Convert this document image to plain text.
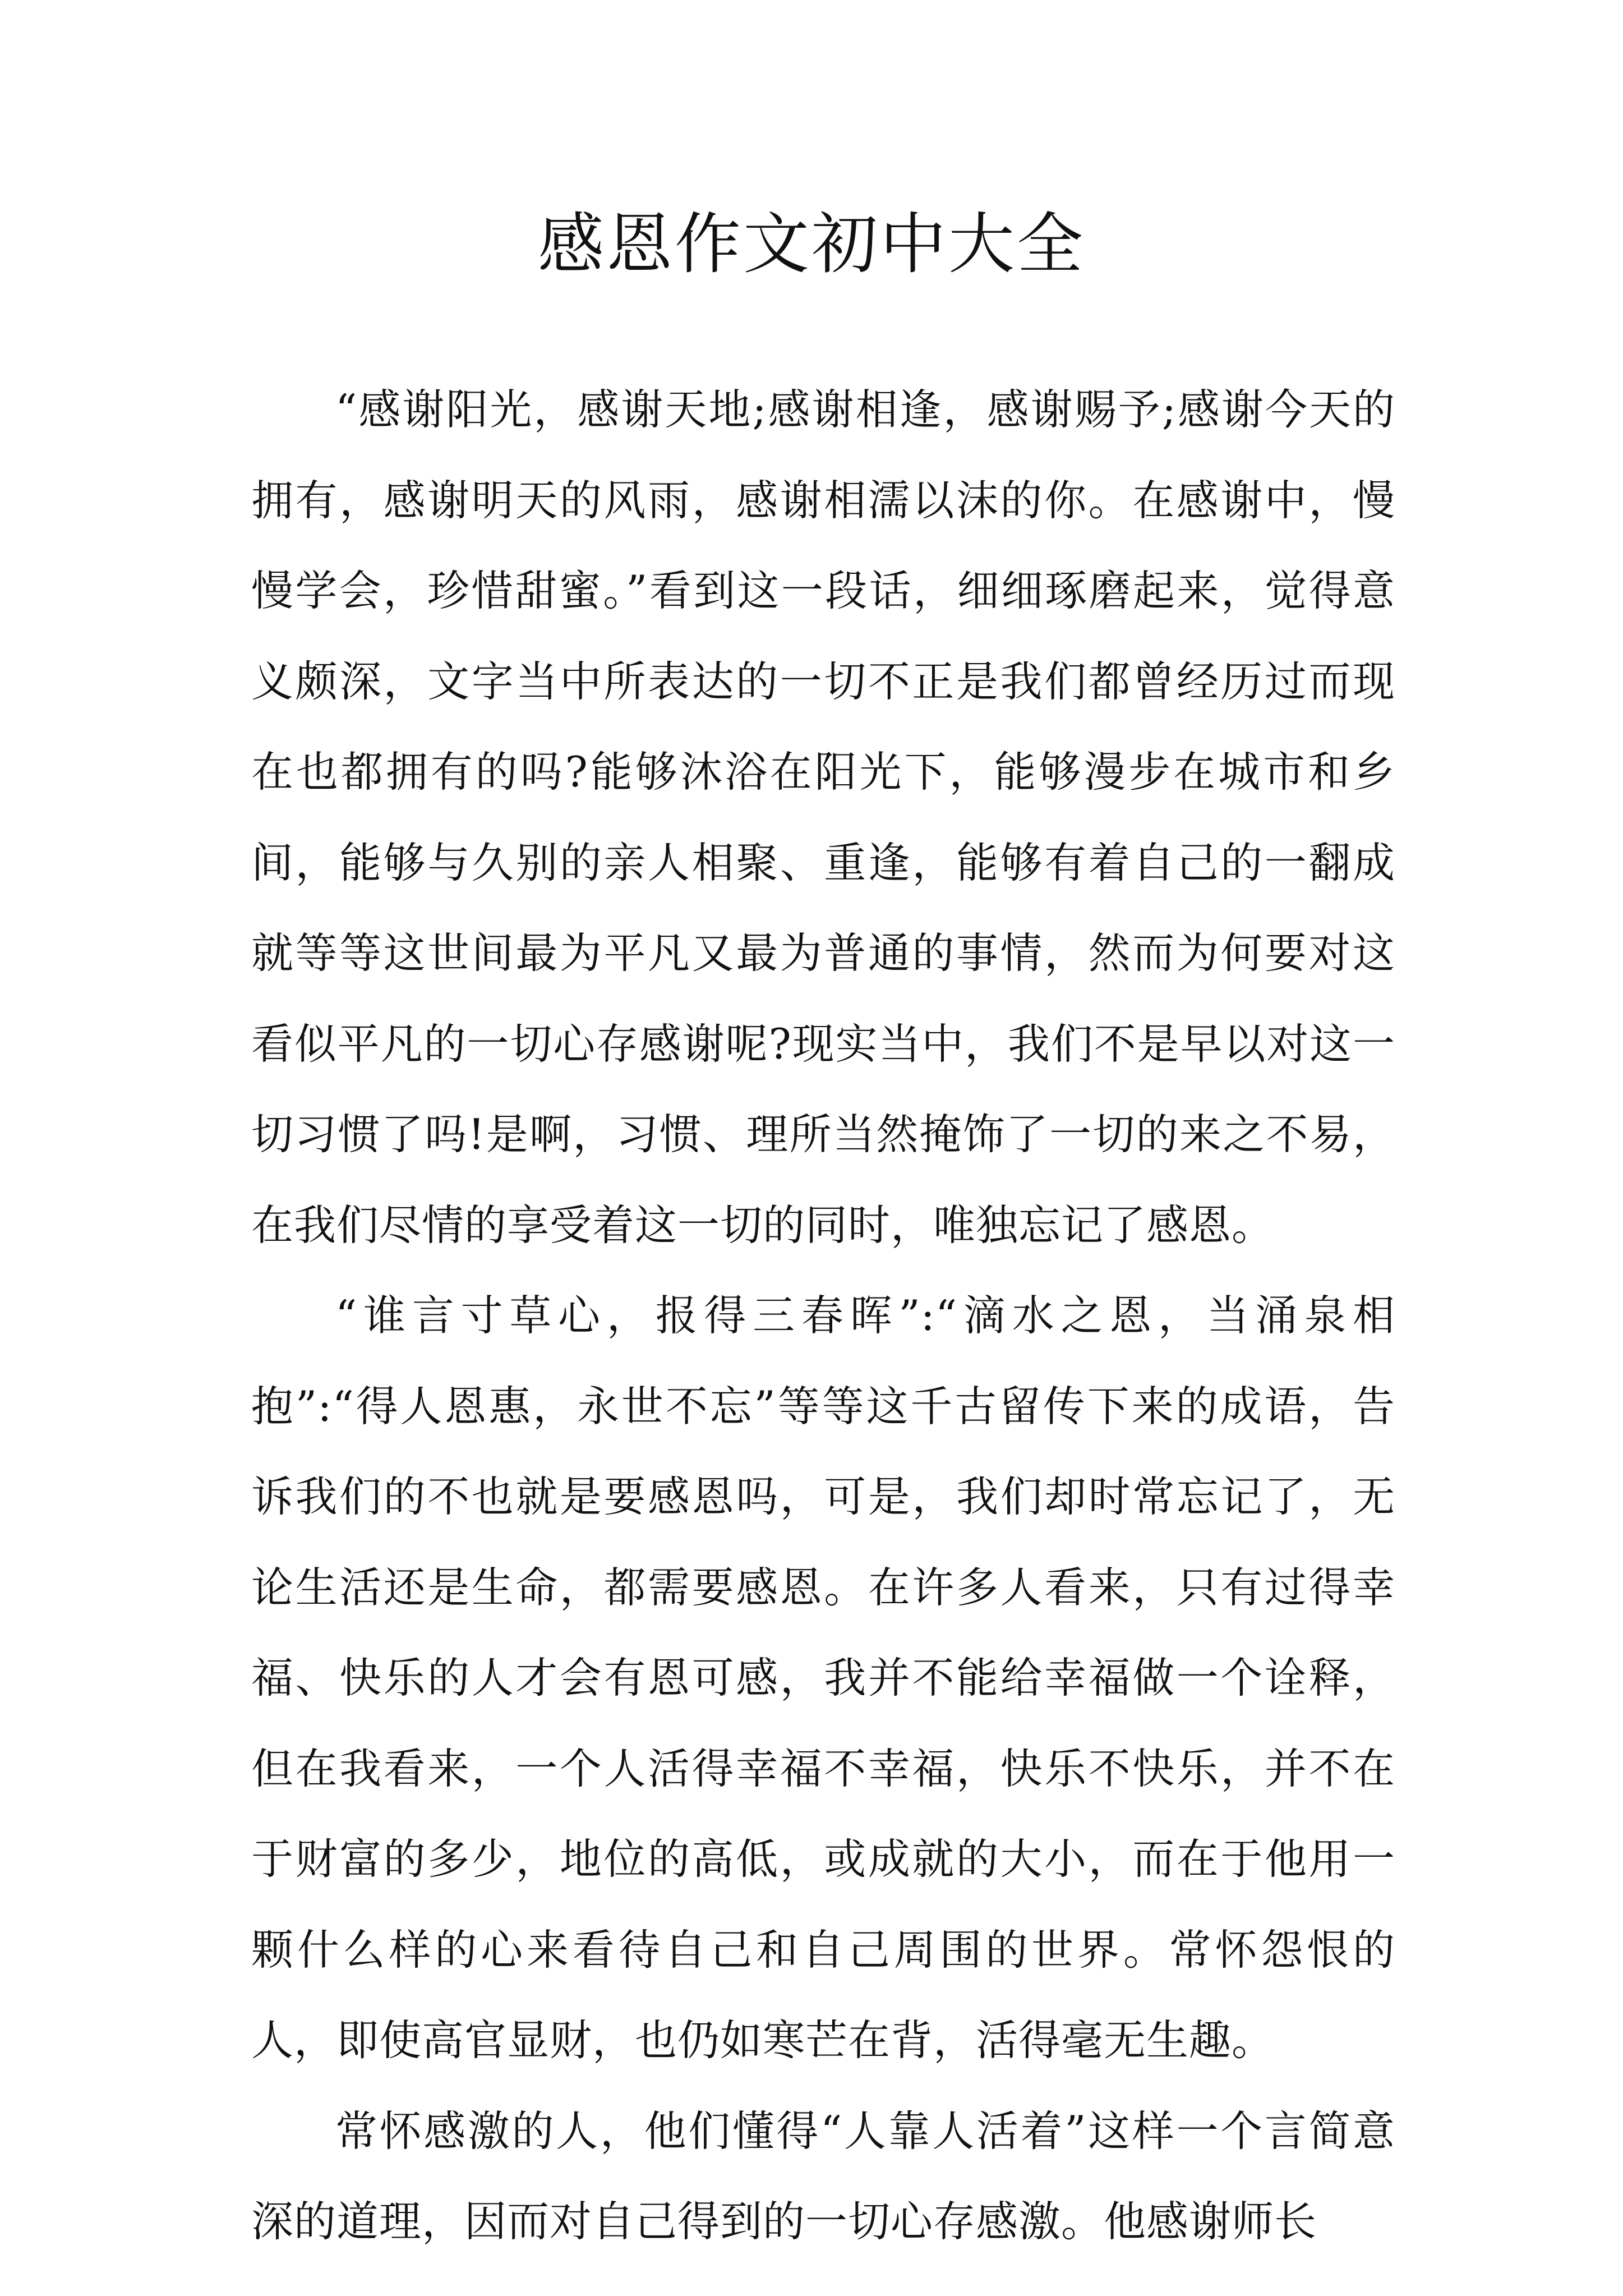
感恩作文初中大全

“感谢阳光，感谢天地;感谢相逢，感谢赐予;感谢今天的拥有，感谢明天的风雨，感谢相濡以沫的你。在感谢中，慢慢学会，珍惜甜蜜。”看到这一段话，细细琢磨起来，觉得意义颇深，文字当中所表达的一切不正是我们都曾经历过而现在也都拥有的吗?能够沐浴在阳光下，能够漫步在城市和乡间，能够与久别的亲人相聚、重逢，能够有着自己的一翻成就等等这世间最为平凡又最为普通的事情，然而为何要对这看似平凡的一切心存感谢呢?现实当中，我们不是早以对这一切习惯了吗!是啊，习惯、理所当然掩饰了一切的来之不易，在我们尽情的享受着这一切的同时，唯独忘记了感恩。

“谁言寸草心，报得三春晖”:“滴水之恩，当涌泉相抱”:“得人恩惠，永世不忘”等等这千古留传下来的成语，告诉我们的不也就是要感恩吗，可是，我们却时常忘记了，无论生活还是生命，都需要感恩。在许多人看来，只有过得幸福、快乐的人才会有恩可感，我并不能给幸福做一个诠释，但在我看来，一个人活得幸福不幸福，快乐不快乐，并不在于财富的多少，地位的高低，或成就的大小，而在于他用一颗什么样的心来看待自己和自己周围的世界。常怀怨恨的人，即使高官显财，也仍如寒芒在背，活得毫无生趣。

常怀感激的人，他们懂得“人靠人活着”这样一个言简意深的道理，因而对自己得到的一切心存感激。他感谢师长
